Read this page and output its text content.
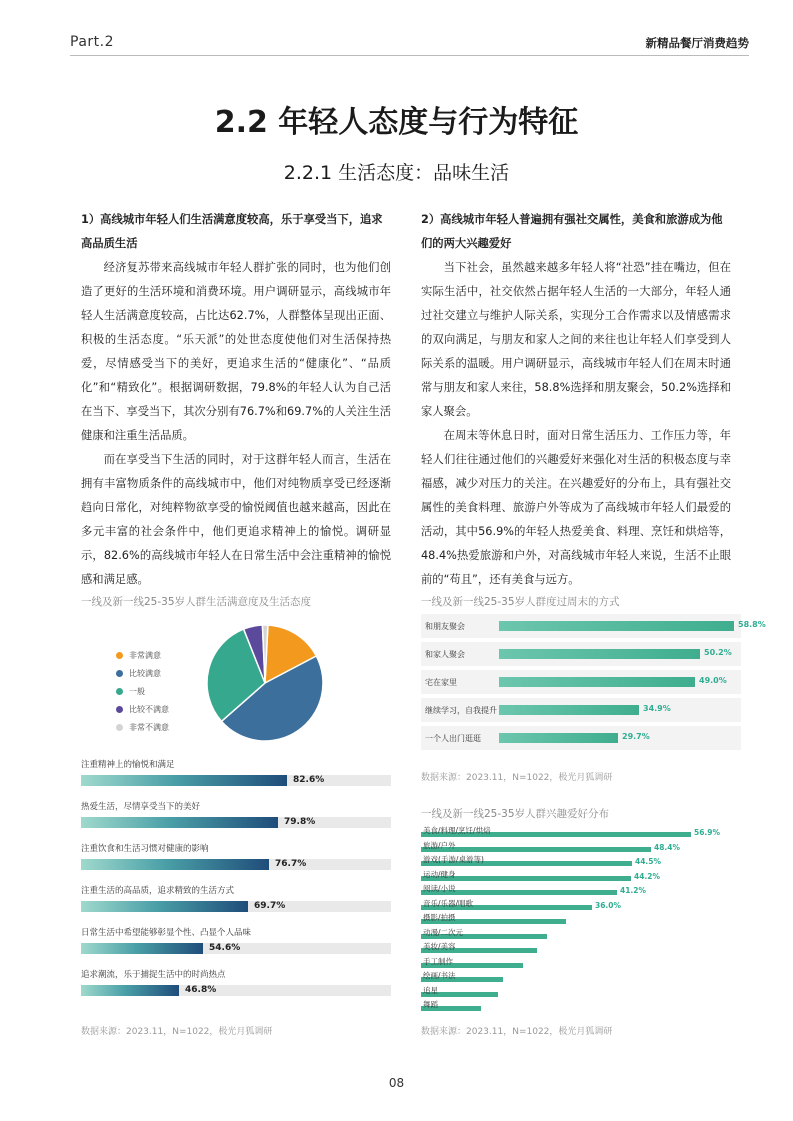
Part.2	新精品餐厅消费趋势
2.2 年轻人态度与行为特征
2.2.1 生活态度：品味生活
1）高线城市年轻人们生活满意度较高，乐于享受当下，追求高品质生活

经济复苏带来高线城市年轻人群扩张的同时，也为他们创造了更好的生活环境和消费环境。用户调研显示，高线城市年轻人生活满意度较高，占比达62.7%，人群整体呈现出正面、积极的生活态度。“乐天派”的处世态度使他们对生活保持热爱，尽情感受当下的美好，更追求生活的“健康化”、“品质化”和“精致化”。根据调研数据，79.8%的年轻人认为自己活在当下、享受当下，其次分别有76.7%和69.7%的人关注生活健康和注重生活品质。

而在享受当下生活的同时，对于这群年轻人而言，生活在拥有丰富物质条件的高线城市中，他们对纯物质享受已经逐渐趋向日常化，对纯粹物欲享受的愉悦阈值也越来越高，因此在多元丰富的社会条件中，他们更追求精神上的愉悦。调研显示，82.6%的高线城市年轻人在日常生活中会注重精神的愉悦感和满足感。

2）高线城市年轻人普遍拥有强社交属性，美食和旅游成为他们的两大兴趣爱好

当下社会，虽然越来越多年轻人将“社恐”挂在嘴边，但在实际生活中，社交依然占据年轻人生活的一大部分，年轻人通过社交建立与维护人际关系，实现分工合作需求以及情感需求的双向满足，与朋友和家人之间的来往也让年轻人们享受到人际关系的温暖。用户调研显示，高线城市年轻人们在周末时通常与朋友和家人来往，58.8%选择和朋友聚会，50.2%选择和家人聚会。

在周末等休息日时，面对日常生活压力、工作压力等，年轻人们往往通过他们的兴趣爱好来强化对生活的积极态度与幸福感，减少对压力的关注。在兴趣爱好的分布上，具有强社交属性的美食料理、旅游户外等成为了高线城市年轻人们最爱的活动，其中56.9%的年轻人热爱美食、料理、烹饪和烘焙等，48.4%热爱旅游和户外，对高线城市年轻人来说，生活不止眼前的“苟且”，还有美食与远方。

一线及新一线25-35岁人群生活满意度及生活态度
非常满意
比较满意
一般
比较不满意
非常不满意
注重精神上的愉悦和满足
82.6%
热爱生活，尽情享受当下的美好
79.8%
注重饮食和生活习惯对健康的影响
76.7%
注重生活的高品质，追求精致的生活方式
69.7%
日常生活中希望能够彰显个性、凸显个人品味
54.6%
追求潮流，乐于捕捉生活中的时尚热点
46.8%
数据来源：2023.11，N=1022，极光月狐调研
一线及新一线25-35岁人群度过周末的方式
和朋友聚会	58.8%
和家人聚会	50.2%
宅在家里	49.0%
继续学习，自我提升	34.9%
一个人出门逛逛	29.7%
数据来源：2023.11，N=1022，极光月狐调研
一线及新一线25-35岁人群兴趣爱好分布
美食/料理/烹饪/烘焙	56.9%
旅游/户外	48.4%
游戏(手游/桌游等)	44.5%
运动/健身	44.2%
阅读/小说	41.2%
音乐/乐器/唱歌	36.0%
摄影/拍摄
动漫/二次元
美妆/美容
手工制作
绘画/书法
追星
舞蹈
数据来源：2023.11，N=1022，极光月狐调研
08
